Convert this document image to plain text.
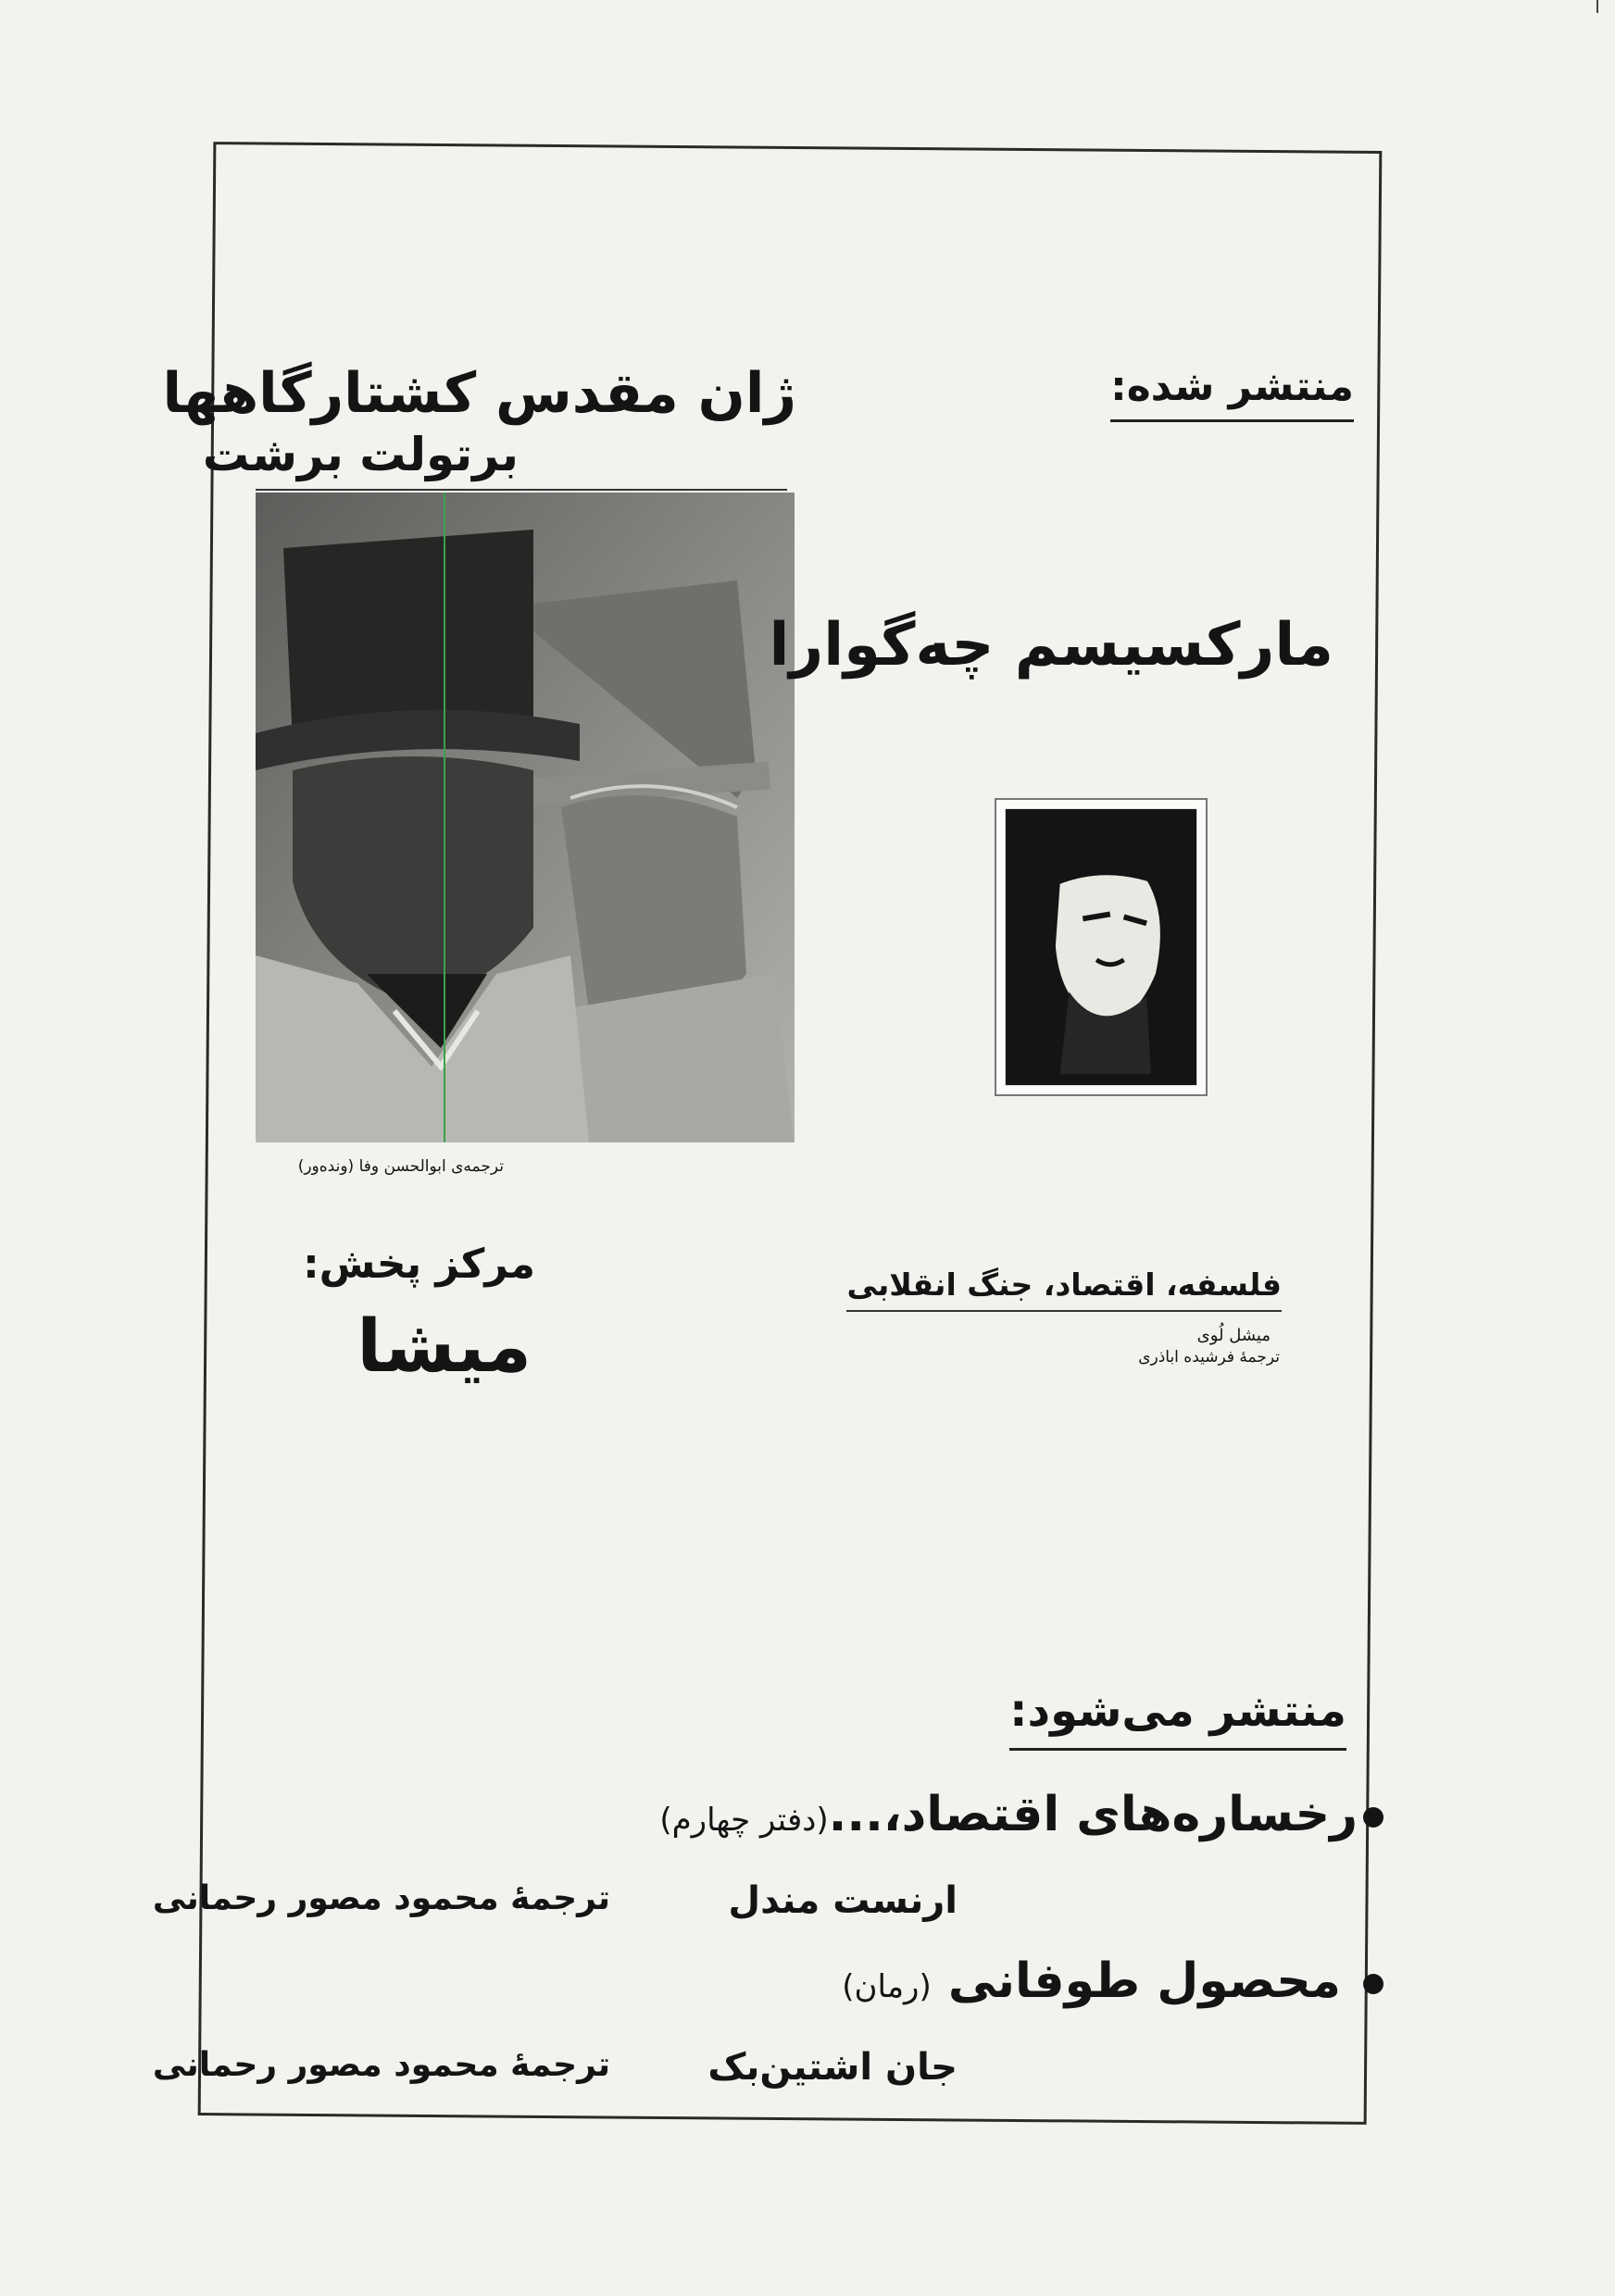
منتشر شده:
ژان مقدس کشتارگاهها
برتولت برشت
ترجمه‌ی ابوالحسن وفا (ونده‌ور)
مارکسیسم چه‌گوارا
فلسفه، اقتصاد، جنگ انقلابی
میشل لُوی
ترجمهٔ فرشیده اباذری
مرکز پخش:
میشا
منتشر می‌شود:
رخساره‌های اقتصاد،...(دفتر چهارم)
ارنست مندل
ترجمهٔ محمود مصور رحمانی
محصول طوفانی (رمان)
جان اشتین‌بک
ترجمهٔ محمود مصور رحمانی
